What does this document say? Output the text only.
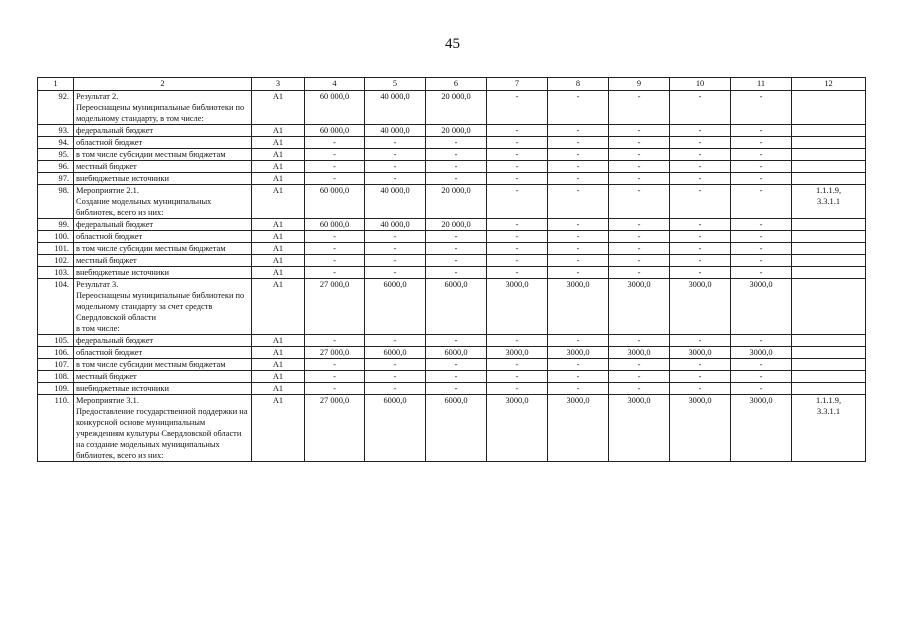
45
1	2	3	4	5	6	7	8	9	10	11	12
92.	Результат 2.
Переоснащены муниципальные библиотеки по модельному стандарту, в том числе:	А1	60 000,0	40 000,0	20 000,0	-	-	-	-	-	
93.	федеральный бюджет	А1	60 000,0	40 000,0	20 000,0	-	-	-	-	-	
94.	областной бюджет	А1	-	-	-	-	-	-	-	-	
95.	в том числе субсидии местным бюджетам	А1	-	-	-	-	-	-	-	-	
96.	местный бюджет	А1	-	-	-	-	-	-	-	-	
97.	внебюджетные источники	А1	-	-	-	-	-	-	-	-	
98.	Мероприятие 2.1.
Создание модельных муниципальных библиотек, всего из них:	А1	60 000,0	40 000,0	20 000,0	-	-	-	-	-	1.1.1.9,
3.3.1.1
99.	федеральный бюджет	А1	60 000,0	40 000,0	20 000,0	-	-	-	-	-	
100.	областной бюджет	А1	-	-	-	-	-	-	-	-	
101.	в том числе субсидии местным бюджетам	А1	-	-	-	-	-	-	-	-	
102.	местный бюджет	А1	-	-	-	-	-	-	-	-	
103.	внебюджетные источники	А1	-	-	-	-	-	-	-	-	
104.	Результат 3.
Переоснащены муниципальные библиотеки по модельному стандарту за счет средств Свердловской области
в том числе:	А1	27 000,0	6000,0	6000,0	3000,0	3000,0	3000,0	3000,0	3000,0	
105.	федеральный бюджет	А1	-	-	-	-	-	-	-	-	
106.	областной бюджет	А1	27 000,0	6000,0	6000,0	3000,0	3000,0	3000,0	3000,0	3000,0	
107.	в том числе субсидии местным бюджетам	А1	-	-	-	-	-	-	-	-	
108.	местный бюджет	А1	-	-	-	-	-	-	-	-	
109.	внебюджетные источники	А1	-	-	-	-	-	-	-	-	
110.	Мероприятие 3.1.
Предоставление государственной поддержки на конкурсной основе муниципальным учреждениям культуры Свердловской области на создание модельных муниципальных библиотек, всего из них:	А1	27 000,0	6000,0	6000,0	3000,0	3000,0	3000,0	3000,0	3000,0	1.1.1.9,
3.3.1.1
